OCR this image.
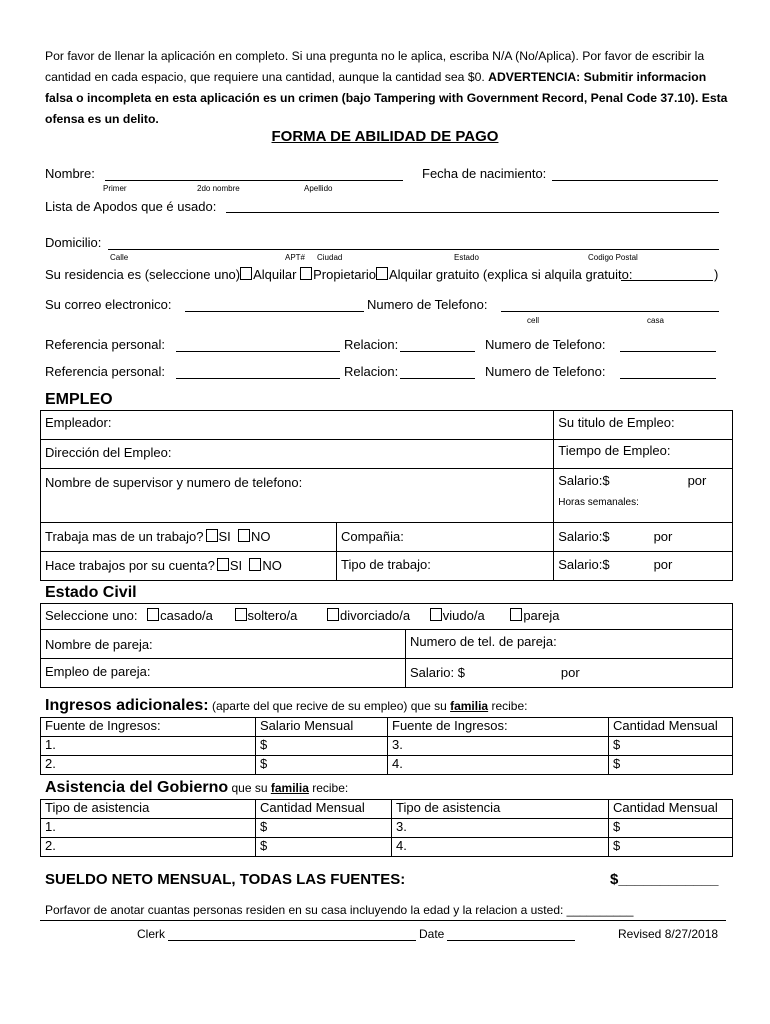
Por favor de llenar la aplicación en completo. Si una pregunta no le aplica, escriba N/A (No/Aplica). Por favor de escribir la cantidad en cada espacio, que requiere una cantidad, aunque la cantidad sea $0. ADVERTENCIA: Submitir informacion falsa o incompleta en esta aplicación es un crimen (bajo Tampering with Government Record, Penal Code 37.10). Esta ofensa es un delito.
FORMA DE ABILIDAD DE PAGO
Nombre:	Fecha de nacimiento:
Primer	2do nombre	Apellido
Lista de Apodos que é usado:
Domicilio:
Calle	APT# Ciudad	Estado	Codigo Postal
Su residencia es (seleccione uno) Alquilar Propietario Alquilar gratuito (explica si alquila gratuito:	)
Su correo electronico:	Numero de Telefono:
cell	casa
Referencia personal:	Relacion:	Numero de Telefono:
Referencia personal:	Relacion:	Numero de Telefono:
EMPLEO
Empleador:		Su titulo de Empleo:
Dirección del Empleo:		Tiempo de Empleo:
Nombre de supervisor y numero de telefono:		Salario:$ por
Horas semanales:

Trabaja mas de un trabajo? SI NO	Compañia:	Salario:$ por
Hace trabajos por su cuenta? SI NO	Tipo de trabajo:	Salario:$ por
Estado Civil
Seleccione uno: casado/a soltero/a divorciado/a viudo/a pareja	
Nombre de pareja:	Numero de tel. de pareja:
Empleo de pareja:	Salario: $ por
Ingresos adicionales: (aparte del que recive de su empleo) que su familia recibe:
Fuente de Ingresos:	Salario Mensual	Fuente de Ingresos:	Cantidad Mensual
1.	$	3.	$
2.	$	4.	$
Asistencia del Gobierno que su familia recibe:
Tipo de asistencia	Cantidad Mensual	Tipo de asistencia	Cantidad Mensual
1.	$	3.	$
2.	$	4.	$
SUELDO NETO MENSUAL, TODAS LAS FUENTES:	$____________
Porfavor de anotar cuantas personas residen en su casa incluyendo la edad y la relacion a usted: __________
Clerk	Date	Revised 8/27/2018
